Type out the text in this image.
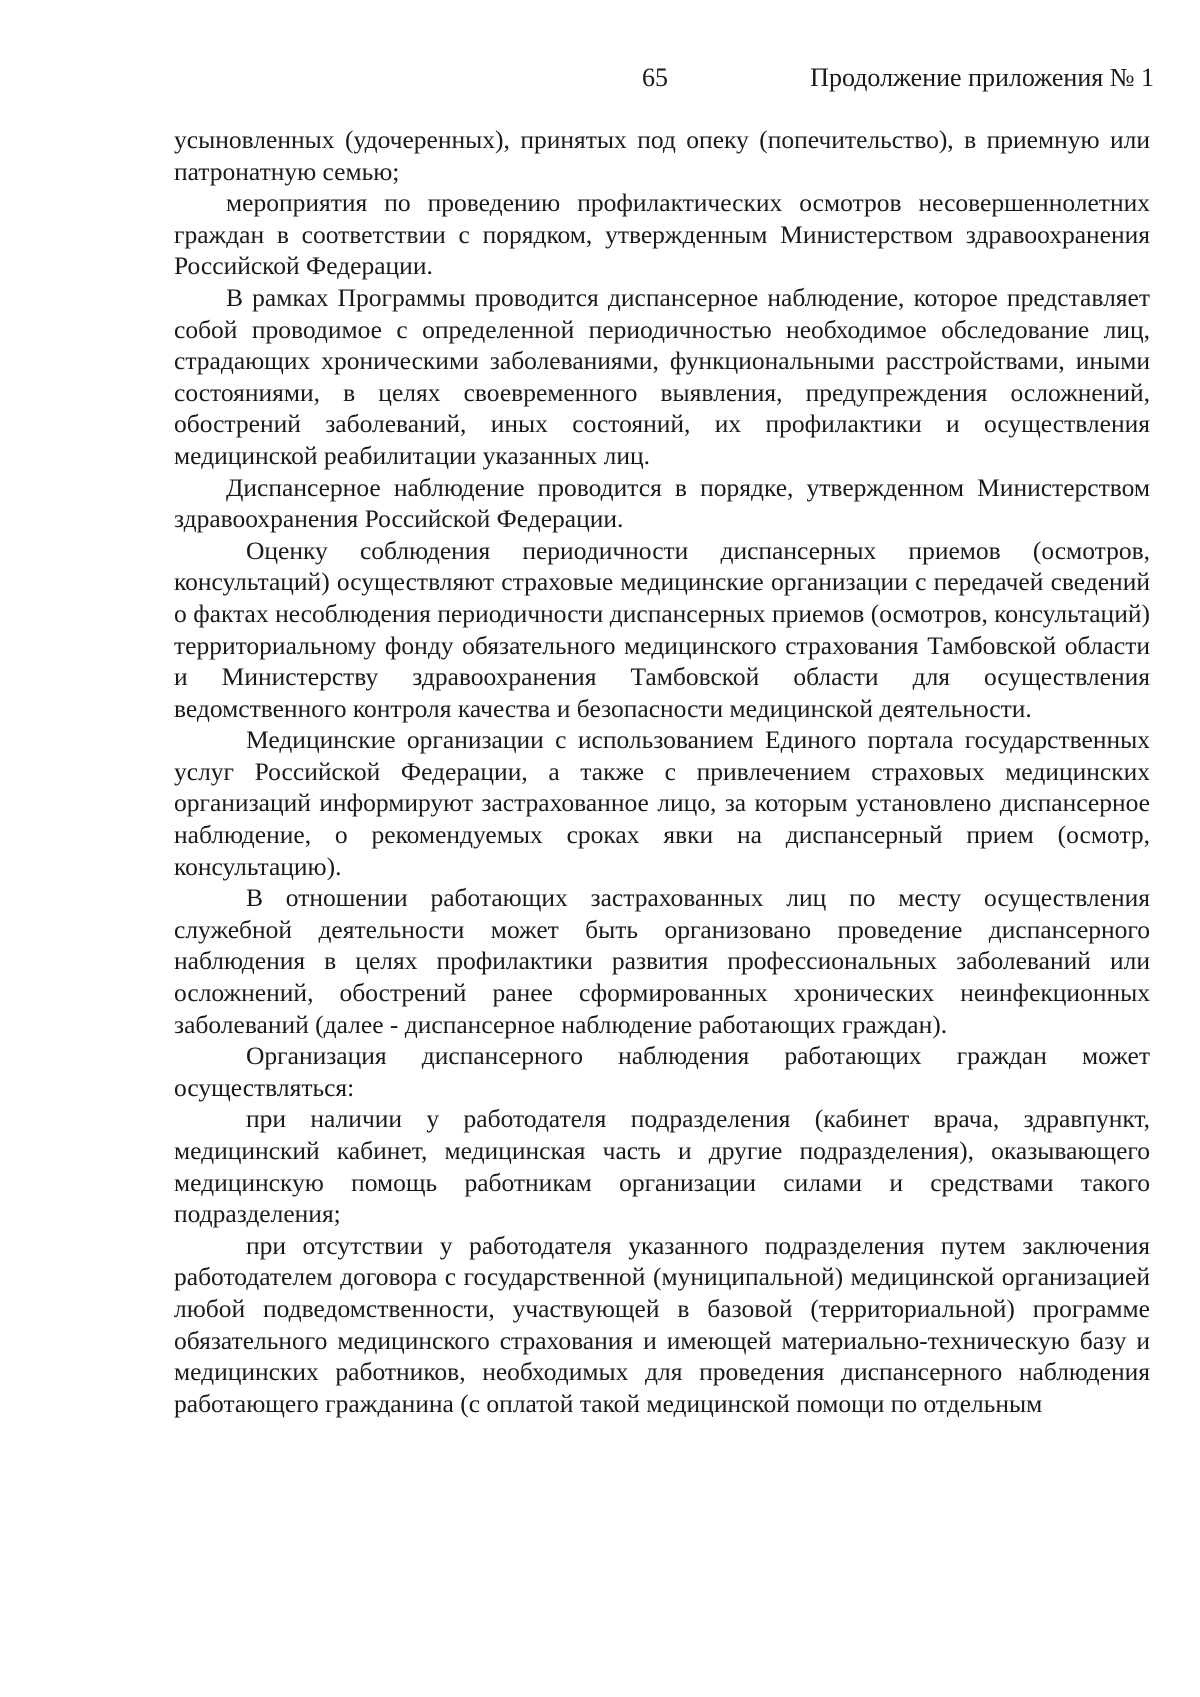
65	Продолжение приложения № 1

усыновленных (удочеренных), принятых под опеку (попечительство), в приемную или патронатную семью;

мероприятия по проведению профилактических осмотров несовершеннолетних граждан в соответствии с порядком, утвержденным Министерством здравоохранения Российской Федерации.

В рамках Программы проводится диспансерное наблюдение, которое представляет собой проводимое с определенной периодичностью необходимое обследование лиц, страдающих хроническими заболеваниями, функциональными расстройствами, иными состояниями, в целях своевременного выявления, предупреждения осложнений, обострений заболеваний, иных состояний, их профилактики и осуществления медицинской реабилитации указанных лиц.

Диспансерное наблюдение проводится в порядке, утвержденном Министерством здравоохранения Российской Федерации.

Оценку соблюдения периодичности диспансерных приемов (осмотров, консультаций) осуществляют страховые медицинские организации с передачей сведений о фактах несоблюдения периодичности диспансерных приемов (осмотров, консультаций) территориальному фонду обязательного медицинского страхования Тамбовской области и Министерству здравоохранения Тамбовской области для осуществления ведомственного контроля качества и безопасности медицинской деятельности.

Медицинские организации с использованием Единого портала государственных услуг Российской Федерации, а также с привлечением страховых медицинских организаций информируют застрахованное лицо, за которым установлено диспансерное наблюдение, о рекомендуемых сроках явки на диспансерный прием (осмотр, консультацию).

В отношении работающих застрахованных лиц по месту осуществления служебной деятельности может быть организовано проведение диспансерного наблюдения в целях профилактики развития профессиональных заболеваний или осложнений, обострений ранее сформированных хронических неинфекционных заболеваний (далее - диспансерное наблюдение работающих граждан).

Организация диспансерного наблюдения работающих граждан может осуществляться:

при наличии у работодателя подразделения (кабинет врача, здравпункт, медицинский кабинет, медицинская часть и другие подразделения), оказывающего медицинскую помощь работникам организации силами и средствами такого подразделения;

при отсутствии у работодателя указанного подразделения путем заключения работодателем договора с государственной (муниципальной) медицинской организацией любой подведомственности, участвующей в базовой (территориальной) программе обязательного медицинского страхования и имеющей материально-техническую базу и медицинских работников, необходимых для проведения диспансерного наблюдения работающего гражданина (с оплатой такой медицинской помощи по отдельным
